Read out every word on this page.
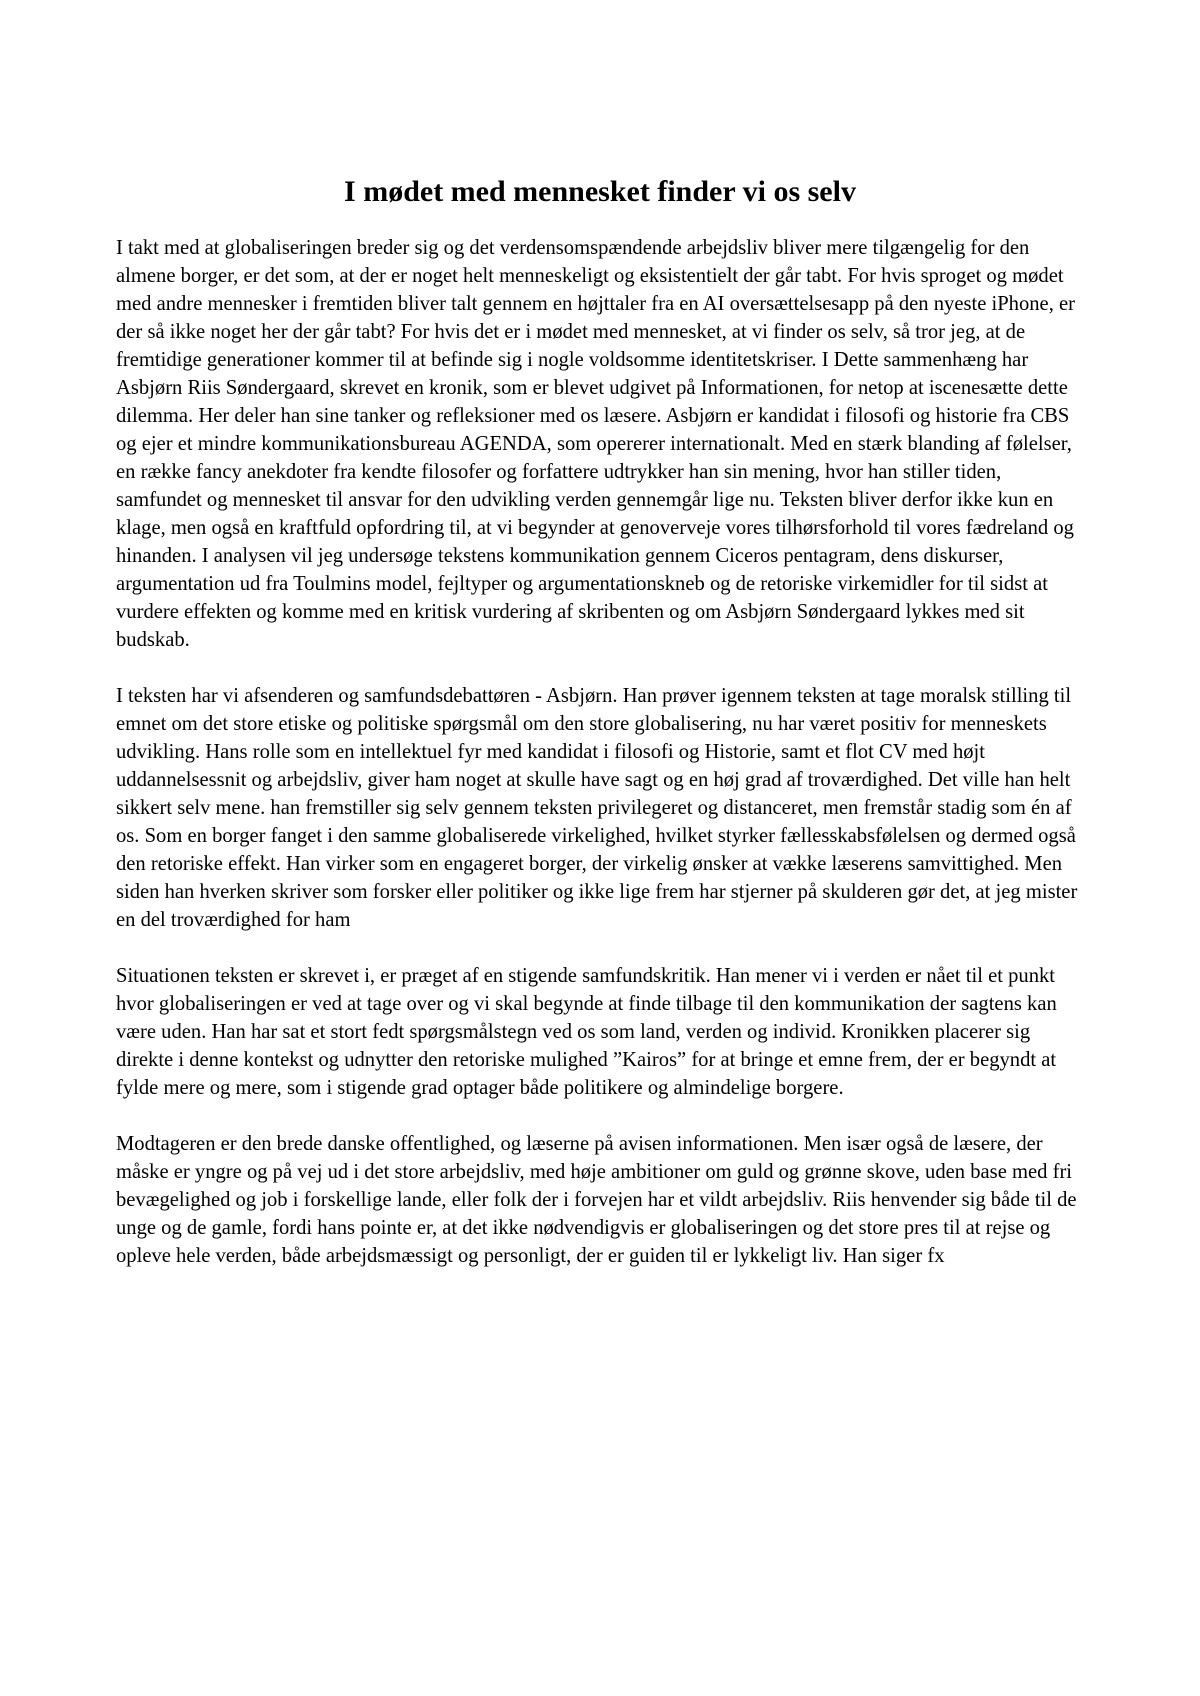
I mødet med mennesket finder vi os selv

I takt med at globaliseringen breder sig og det verdensomspændende arbejdsliv bliver mere tilgængelig for den almene borger, er det som, at der er noget helt menneskeligt og eksistentielt der går tabt. For hvis sproget og mødet med andre mennesker i fremtiden bliver talt gennem en højttaler fra en AI oversættelsesapp på den nyeste iPhone, er der så ikke noget her der går tabt? For hvis det er i mødet med mennesket, at vi finder os selv, så tror jeg, at de fremtidige generationer kommer til at befinde sig i nogle voldsomme identitetskriser. I Dette sammenhæng har Asbjørn Riis Søndergaard, skrevet en kronik, som er blevet udgivet på Informationen, for netop at iscenesætte dette dilemma. Her deler han sine tanker og refleksioner med os læsere. Asbjørn er kandidat i filosofi og historie fra CBS og ejer et mindre kommunikationsbureau AGENDA, som opererer internationalt. Med en stærk blanding af følelser, en række fancy anekdoter fra kendte filosofer og forfattere udtrykker han sin mening, hvor han stiller tiden, samfundet og mennesket til ansvar for den udvikling verden gennemgår lige nu. Teksten bliver derfor ikke kun en klage, men også en kraftfuld opfordring til, at vi begynder at genoverveje vores tilhørsforhold til vores fædreland og hinanden. I analysen vil jeg undersøge tekstens kommunikation gennem Ciceros pentagram, dens diskurser, argumentation ud fra Toulmins model, fejltyper og argumentationskneb og de retoriske virkemidler for til sidst at vurdere effekten og komme med en kritisk vurdering af skribenten og om Asbjørn Søndergaard lykkes med sit budskab.

I teksten har vi afsenderen og samfundsdebattøren - Asbjørn. Han prøver igennem teksten at tage moralsk stilling til emnet om det store etiske og politiske spørgsmål om den store globalisering, nu har været positiv for menneskets udvikling. Hans rolle som en intellektuel fyr med kandidat i filosofi og Historie, samt et flot CV med højt uddannelsessnit og arbejdsliv, giver ham noget at skulle have sagt og en høj grad af troværdighed. Det ville han helt sikkert selv mene. han fremstiller sig selv gennem teksten privilegeret og distanceret, men fremstår stadig som én af os. Som en borger fanget i den samme globaliserede virkelighed, hvilket styrker fællesskabsfølelsen og dermed også den retoriske effekt. Han virker som en engageret borger, der virkelig ønsker at vække læserens samvittighed. Men siden han hverken skriver som forsker eller politiker og ikke lige frem har stjerner på skulderen gør det, at jeg mister en del troværdighed for ham

Situationen teksten er skrevet i, er præget af en stigende samfundskritik. Han mener vi i verden er nået til et punkt hvor globaliseringen er ved at tage over og vi skal begynde at finde tilbage til den kommunikation der sagtens kan være uden. Han har sat et stort fedt spørgsmålstegn ved os som land, verden og individ. Kronikken placerer sig direkte i denne kontekst og udnytter den retoriske mulighed ”Kairos” for at bringe et emne frem, der er begyndt at fylde mere og mere, som i stigende grad optager både politikere og almindelige borgere.

Modtageren er den brede danske offentlighed, og læserne på avisen informationen. Men især også de læsere, der måske er yngre og på vej ud i det store arbejdsliv, med høje ambitioner om guld og grønne skove, uden base med fri bevægelighed og job i forskellige lande, eller folk der i forvejen har et vildt arbejdsliv. Riis henvender sig både til de unge og de gamle, fordi hans pointe er, at det ikke nødvendigvis er globaliseringen og det store pres til at rejse og opleve hele verden, både arbejdsmæssigt og personligt, der er guiden til er lykkeligt liv. Han siger fx
